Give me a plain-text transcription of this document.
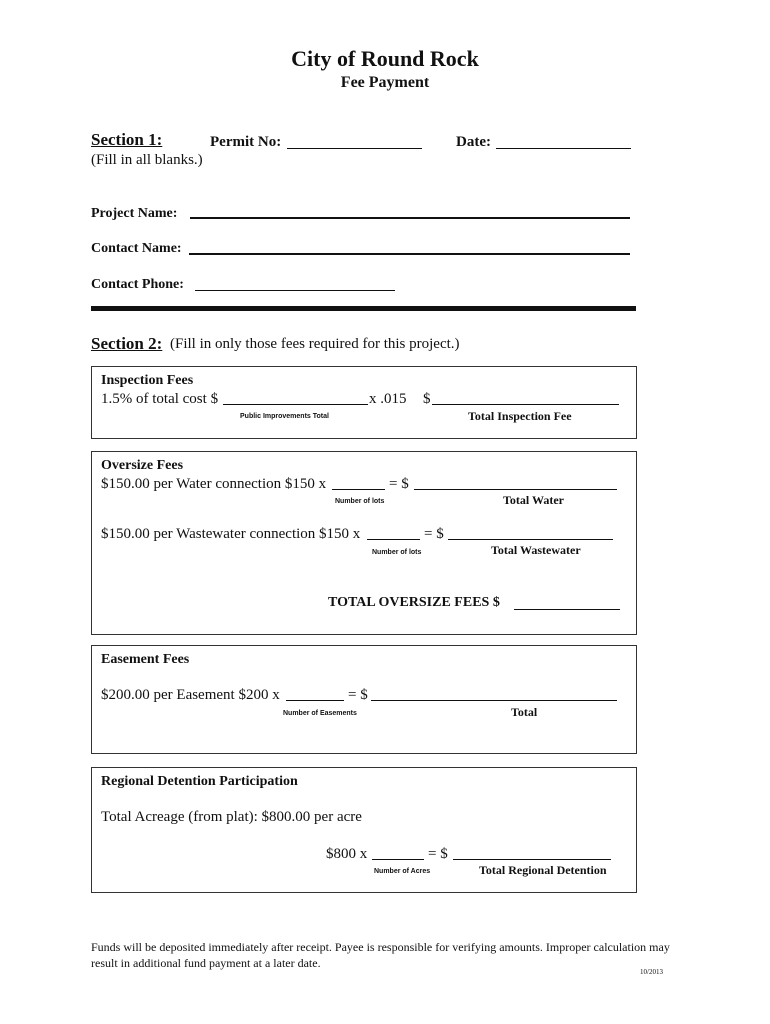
City of Round Rock
Fee Payment
Section 1:
(Fill in all blanks.)
Permit No:	Date:
Project Name:
Contact Name:
Contact Phone:
Section 2: (Fill in only those fees required for this project.)
Inspection Fees
1.5% of total cost $	x .015 $
Public Improvements Total	Total Inspection Fee
Oversize Fees
$150.00 per Water connection $150 x	= $
Number of lots	Total Water
$150.00 per Wastewater connection $150 x	= $
Number of lots	Total Wastewater
TOTAL OVERSIZE FEES $
Easement Fees
$200.00 per Easement $200 x	= $
Number of Easements	Total
Regional Detention Participation
Total Acreage (from plat): $800.00 per acre
$800 x	= $
Number of Acres	Total Regional Detention
Funds will be deposited immediately after receipt. Payee is responsible for verifying amounts. Improper calculation may result in additional fund payment at a later date.
10/2013
